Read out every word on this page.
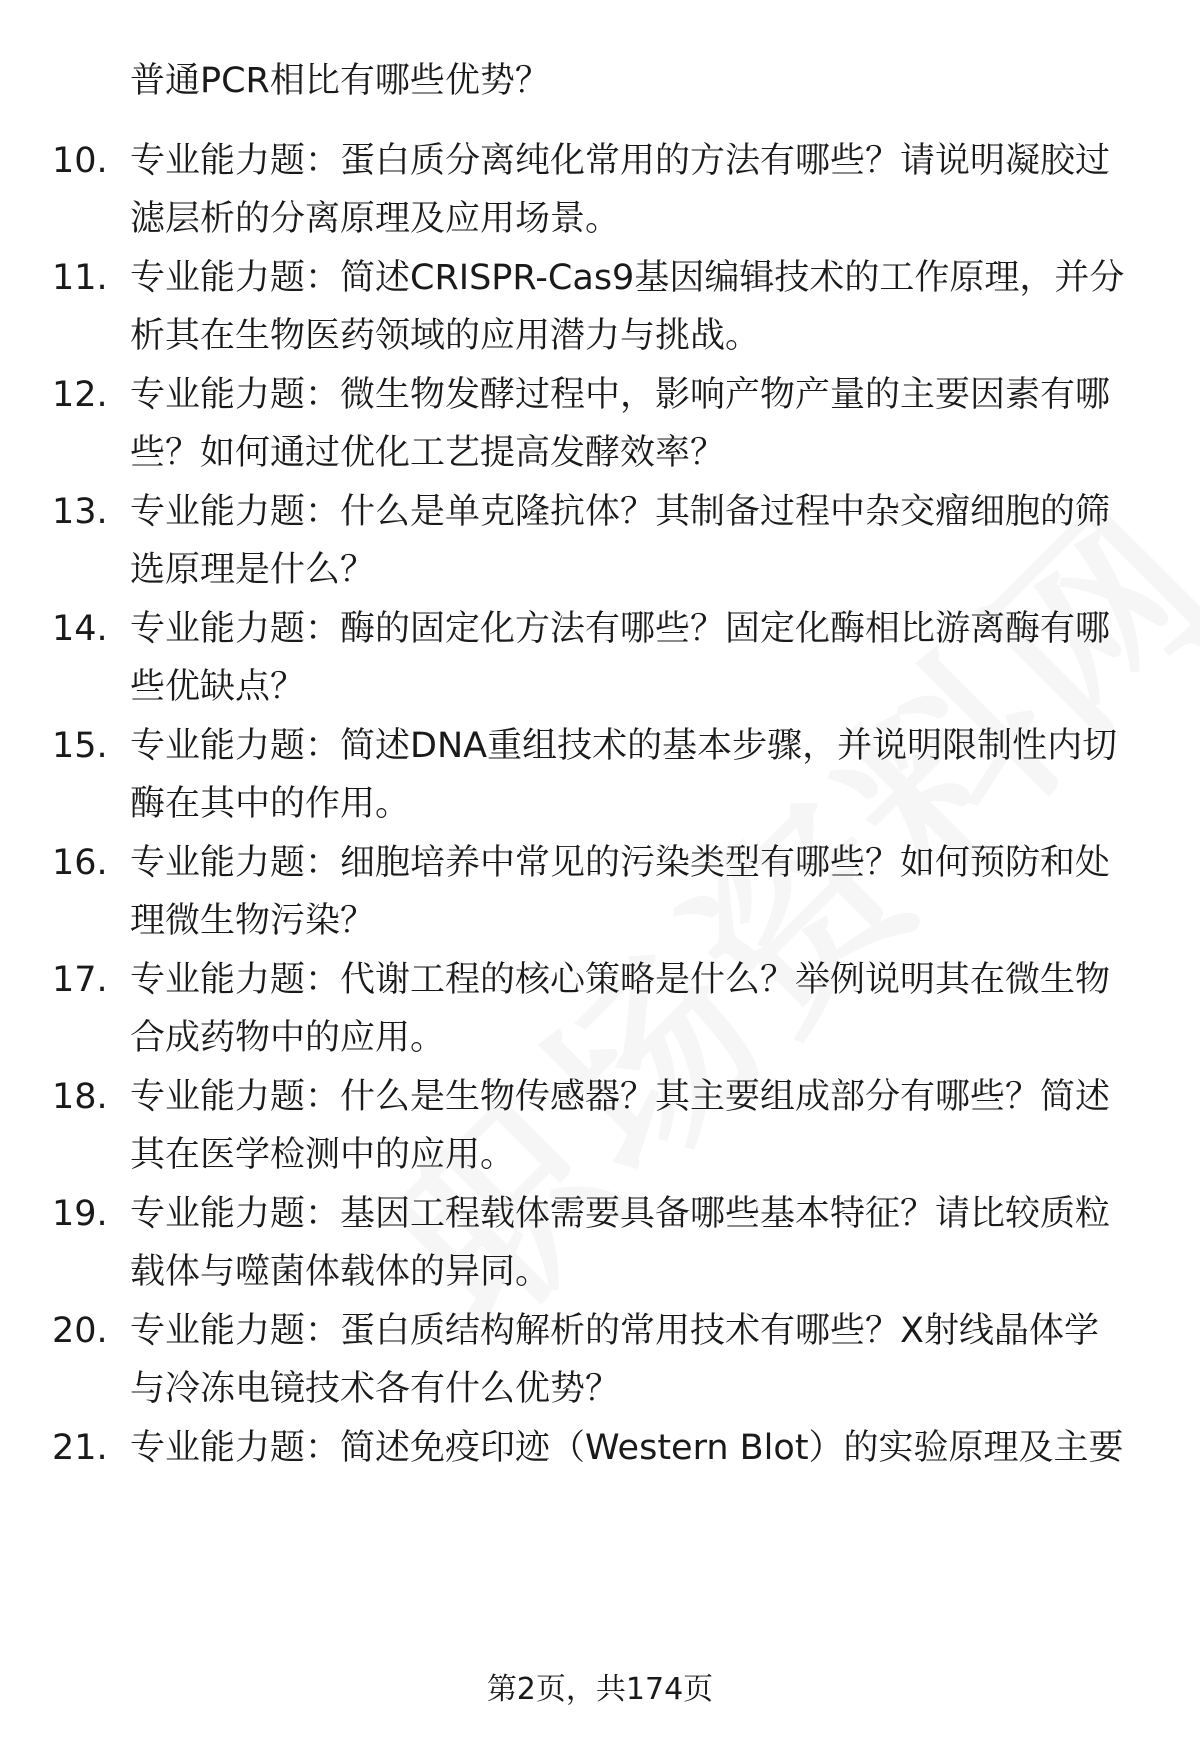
普通PCR相比有哪些优势？
10. 专业能力题：蛋白质分离纯化常用的方法有哪些？请说明凝胶过
滤层析的分离原理及应用场景。
11. 专业能力题：简述CRISPR-Cas9基因编辑技术的工作原理，并分
析其在生物医药领域的应用潜力与挑战。
12. 专业能力题：微生物发酵过程中，影响产物产量的主要因素有哪
些？如何通过优化工艺提高发酵效率？
13. 专业能力题：什么是单克隆抗体？其制备过程中杂交瘤细胞的筛
选原理是什么？
14. 专业能力题：酶的固定化方法有哪些？固定化酶相比游离酶有哪
些优缺点？
15. 专业能力题：简述DNA重组技术的基本步骤，并说明限制性内切
酶在其中的作用。
16. 专业能力题：细胞培养中常见的污染类型有哪些？如何预防和处
理微生物污染？
17. 专业能力题：代谢工程的核心策略是什么？举例说明其在微生物
合成药物中的应用。
18. 专业能力题：什么是生物传感器？其主要组成部分有哪些？简述
其在医学检测中的应用。
19. 专业能力题：基因工程载体需要具备哪些基本特征？请比较质粒
载体与噬菌体载体的异同。
20. 专业能力题：蛋白质结构解析的常用技术有哪些？X射线晶体学
与冷冻电镜技术各有什么优势？
21. 专业能力题：简述免疫印迹（Western Blot）的实验原理及主要
第2页，共174页
